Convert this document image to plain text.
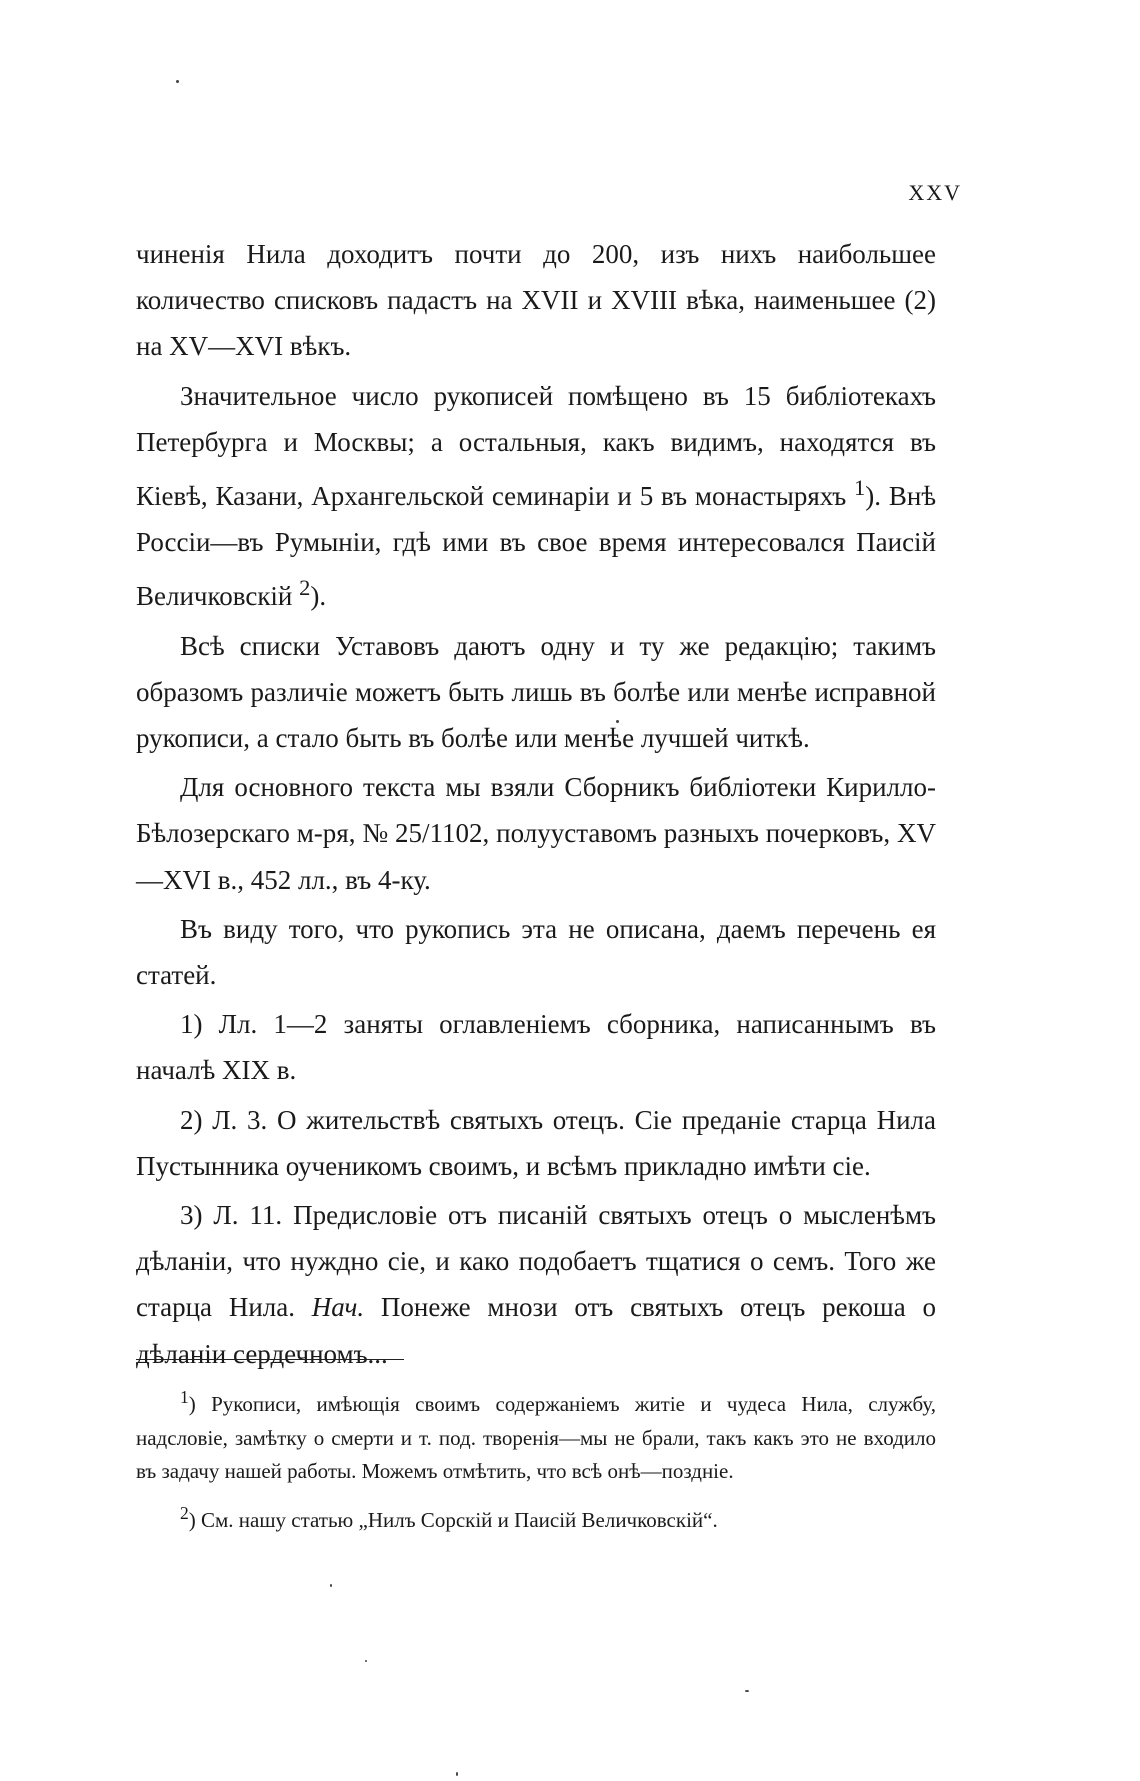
XXV

чиненія Нила доходитъ почти до 200, изъ нихъ наибольшее количество списковъ падастъ на XVII и XVIII вѣка, наименьшее (2) на XV—XVI вѣкъ.

Значительное число рукописей помѣщено въ 15 библіотекахъ Петербурга и Москвы; а остальныя, какъ видимъ, находятся въ Кіевѣ, Казани, Архангельской семинаріи и 5 въ монастыряхъ $^1$). Внѣ Россіи—въ Румыніи, гдѣ ими въ свое время интересовался Паисій Величковскій $^2$).

Всѣ списки Уставовъ даютъ одну и ту же редакцію; такимъ образомъ различіе можетъ быть лишь въ болѣе или менѣе исправной рукописи, а стало быть въ болѣе или менѣе лучшей читкѣ.

Для основного текста мы взяли Сборникъ библіотеки Кирилло-Бѣлозерскаго м-ря, № 25/1102, полууставомъ разныхъ почерковъ, XV—XVI в., 452 лл., въ 4-ку.

Въ виду того, что рукопись эта не описана, даемъ перечень ея статей.

1) Лл. 1—2 заняты оглавленіемъ сборника, написаннымъ въ началѣ XIX в.

2) Л. 3. О жительствѣ святыхъ отецъ. Сіе преданіе старца Нила Пустынника оученикомъ своимъ, и всѣмъ прикладно имѣти сіе.

3) Л. 11. Предисловіе отъ писаній святыхъ отецъ о мысленѣмъ дѣланіи, что нуждно сіе, и како подобаетъ тщатися о семъ. Того же старца Нила. Нач. Понеже мнози отъ святыхъ отецъ рекоша о дѣланіи сердечномъ...

$^1$) Рукописи, имѣющія своимъ содержаніемъ житіе и чудеса Нила, службу, надсловіе, замѣтку о смерти и т. под. творенія—мы не брали, такъ какъ это не входило въ задачу нашей работы. Можемъ отмѣтить, что всѣ онѣ—поздніе.

$^2$) См. нашу статью „Нилъ Сорскій и Паисій Величковскій“.
